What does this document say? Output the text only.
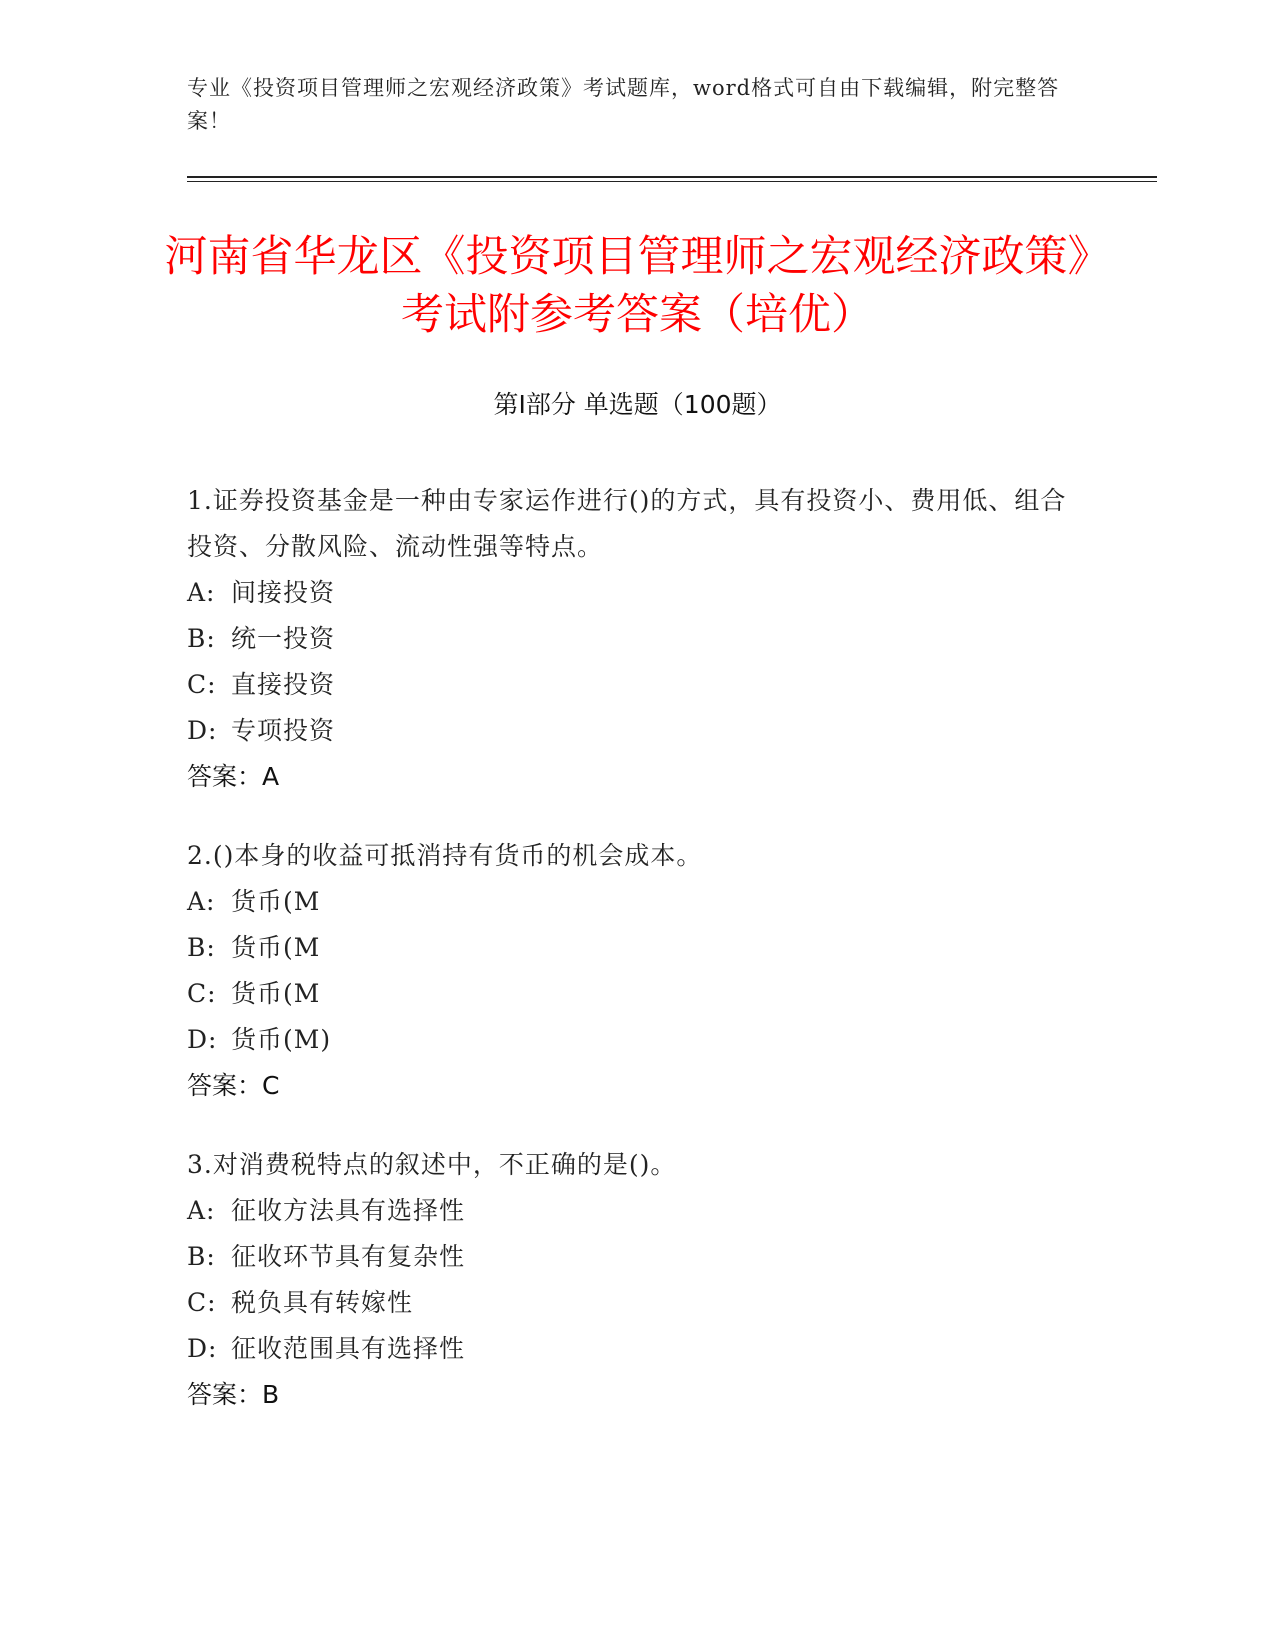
专业《投资项目管理师之宏观经济政策》考试题库，word格式可自由下载编辑，附完整答案！
河南省华龙区《投资项目管理师之宏观经济政策》考试附参考答案（培优）
第Ⅰ部分 单选题（100题）
1.证券投资基金是一种由专家运作进行()的方式，具有投资小、费用低、组合投资、分散风险、流动性强等特点。
A: 间接投资
B: 统一投资
C: 直接投资
D: 专项投资
答案：A
2.()本身的收益可抵消持有货币的机会成本。
A: 货币(M
B: 货币(M
C: 货币(M
D: 货币(M)
答案：C
3.对消费税特点的叙述中，不正确的是()。
A: 征收方法具有选择性
B: 征收环节具有复杂性
C: 税负具有转嫁性
D: 征收范围具有选择性
答案：B
